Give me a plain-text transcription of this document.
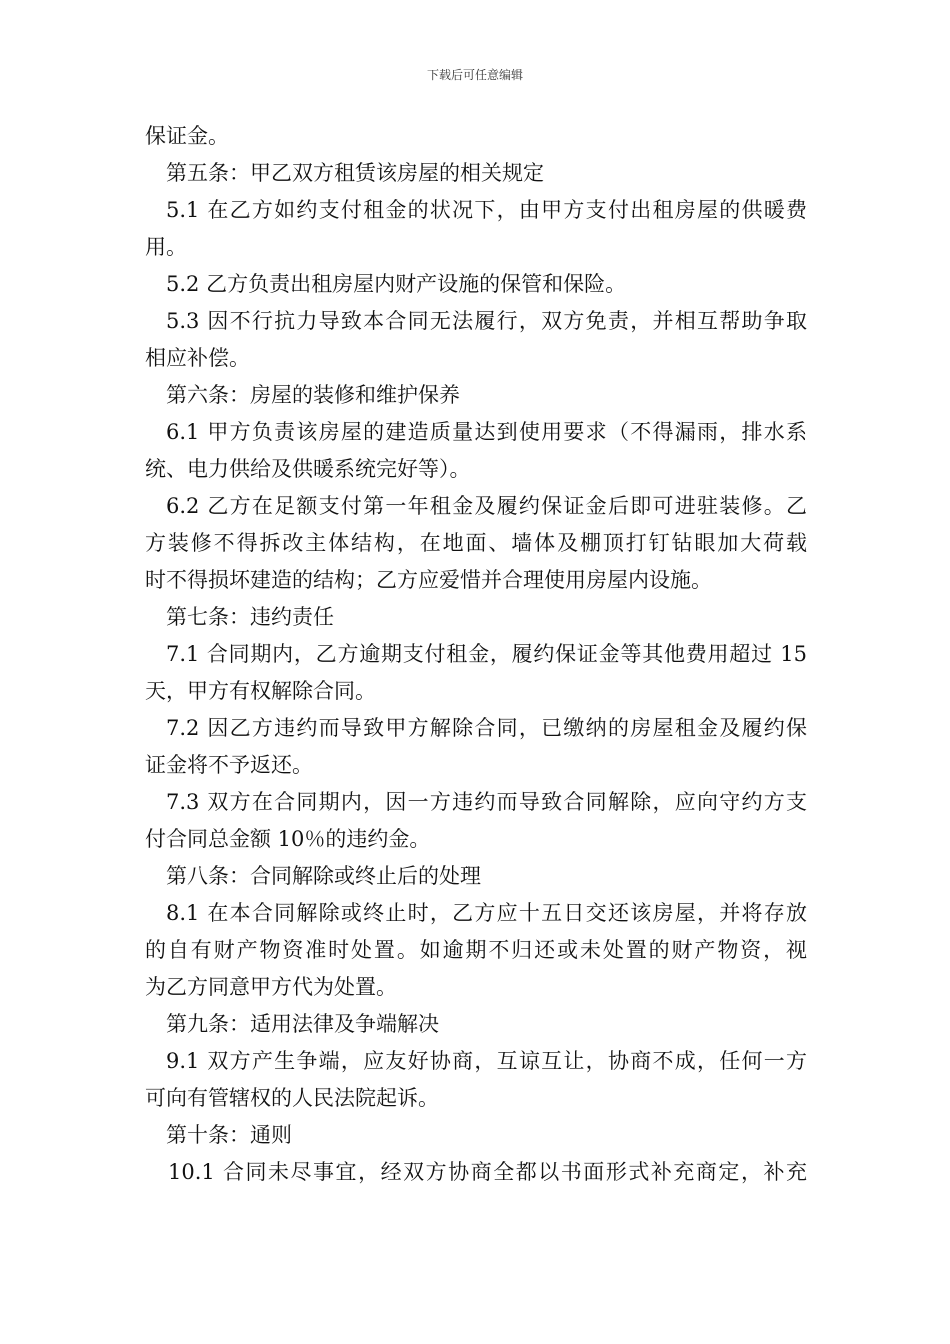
下载后可任意编辑
保证金。
第五条：甲乙双方租赁该房屋的相关规定
5.1 在乙方如约支付租金的状况下，由甲方支付出租房屋的供暖费
用。
5.2 乙方负责出租房屋内财产设施的保管和保险。
5.3 因不行抗力导致本合同无法履行，双方免责，并相互帮助争取
相应补偿。
第六条：房屋的装修和维护保养
6.1 甲方负责该房屋的建造质量达到使用要求（不得漏雨，排水系
统、电力供给及供暖系统完好等）。
6.2 乙方在足额支付第一年租金及履约保证金后即可进驻装修。乙
方装修不得拆改主体结构，在地面、墙体及棚顶打钉钻眼加大荷载
时不得损坏建造的结构；乙方应爱惜并合理使用房屋内设施。
第七条：违约责任
7.1 合同期内，乙方逾期支付租金，履约保证金等其他费用超过 15
天，甲方有权解除合同。
7.2 因乙方违约而导致甲方解除合同，已缴纳的房屋租金及履约保
证金将不予返还。
7.3 双方在合同期内，因一方违约而导致合同解除，应向守约方支
付合同总金额 10％的违约金。
第八条：合同解除或终止后的处理
8.1 在本合同解除或终止时，乙方应十五日交还该房屋，并将存放
的自有财产物资准时处置。如逾期不归还或未处置的财产物资，视
为乙方同意甲方代为处置。
第九条：适用法律及争端解决
9.1 双方产生争端，应友好协商，互谅互让，协商不成，任何一方
可向有管辖权的人民法院起诉。
第十条：通则
10.1 合同未尽事宜，经双方协商全都以书面形式补充商定，补充
